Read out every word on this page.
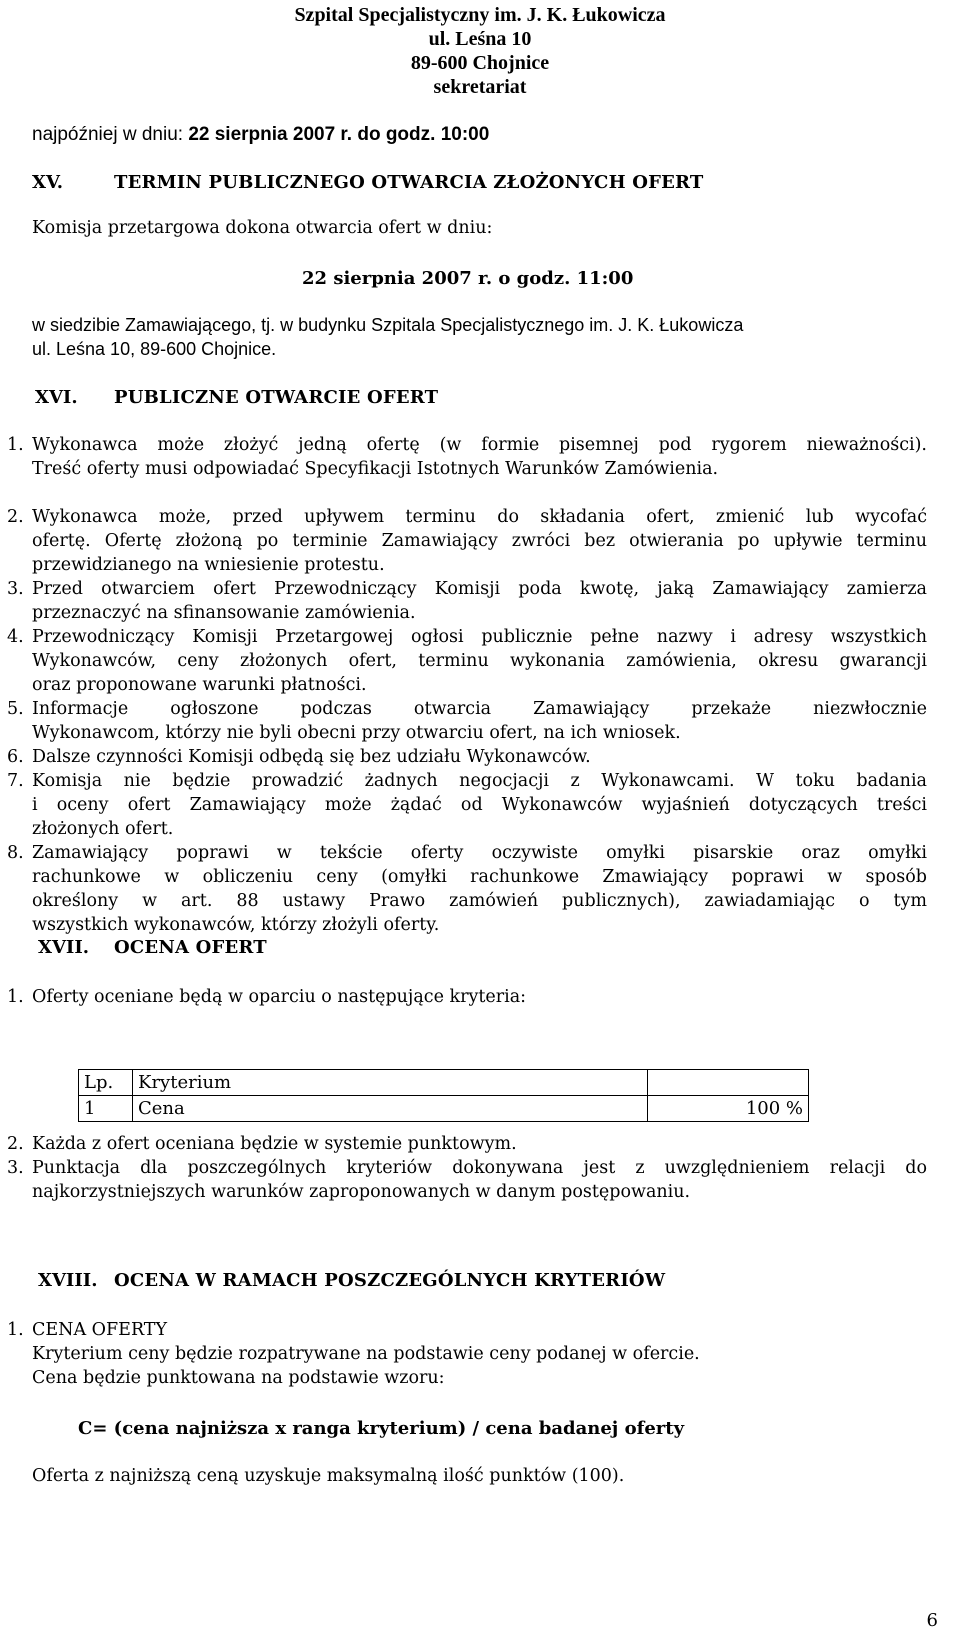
Szpital Specjalistyczny im. J. K. Łukowicza
ul. Leśna 10
89-600 Chojnice
sekretariat
najpóźniej w dniu: 22 sierpnia 2007 r. do godz. 10:00
XV.	TERMIN PUBLICZNEGO OTWARCIA ZŁOŻONYCH OFERT
Komisja przetargowa dokona otwarcia ofert w dniu:
22 sierpnia 2007 r. o godz. 11:00
w siedzibie Zamawiającego, tj. w budynku Szpitala Specjalistycznego im. J. K. Łukowicza
ul. Leśna 10, 89-600 Chojnice.
XVI. PUBLICZNE OTWARCIE OFERT
1. Wykonawca może złożyć jedną ofertę (w formie pisemnej pod rygorem nieważności).
Treść oferty musi odpowiadać Specyfikacji Istotnych Warunków Zamówienia.
2. Wykonawca może, przed upływem terminu do składania ofert, zmienić lub wycofać
ofertę. Ofertę złożoną po terminie Zamawiający zwróci bez otwierania po upływie terminu
przewidzianego na wniesienie protestu.
3. Przed otwarciem ofert Przewodniczący Komisji poda kwotę, jaką Zamawiający zamierza
przeznaczyć na sfinansowanie zamówienia.
4. Przewodniczący Komisji Przetargowej ogłosi publicznie pełne nazwy i adresy wszystkich
Wykonawców, ceny złożonych ofert, terminu wykonania zamówienia, okresu gwarancji
oraz proponowane warunki płatności.
5. Informacje ogłoszone podczas otwarcia Zamawiający przekaże niezwłocznie
Wykonawcom, którzy nie byli obecni przy otwarciu ofert, na ich wniosek.
6. Dalsze czynności Komisji odbędą się bez udziału Wykonawców.
7. Komisja nie będzie prowadzić żadnych negocjacji z Wykonawcami. W toku badania
i oceny ofert Zamawiający może żądać od Wykonawców wyjaśnień dotyczących treści
złożonych ofert.
8. Zamawiający poprawi w tekście oferty oczywiste omyłki pisarskie oraz omyłki
rachunkowe w obliczeniu ceny (omyłki rachunkowe Zmawiający poprawi w sposób
określony w art. 88 ustawy Prawo zamówień publicznych), zawiadamiając o tym
wszystkich wykonawców, którzy złożyli oferty.
XVII. OCENA OFERT
1. Oferty oceniane będą w oparciu o następujące kryteria:
Lp.	Kryterium	
1	Cena	100 %
2. Każda z ofert oceniana będzie w systemie punktowym.
3. Punktacja dla poszczególnych kryteriów dokonywana jest z uwzględnieniem relacji do
najkorzystniejszych warunków zaproponowanych w danym postępowaniu.
XVIII. OCENA W RAMACH POSZCZEGÓLNYCH KRYTERIÓW
1. CENA OFERTY
Kryterium ceny będzie rozpatrywane na podstawie ceny podanej w ofercie.
Cena będzie punktowana na podstawie wzoru:
C= (cena najniższa x ranga kryterium) / cena badanej oferty
Oferta z najniższą ceną uzyskuje maksymalną ilość punktów (100).
6
